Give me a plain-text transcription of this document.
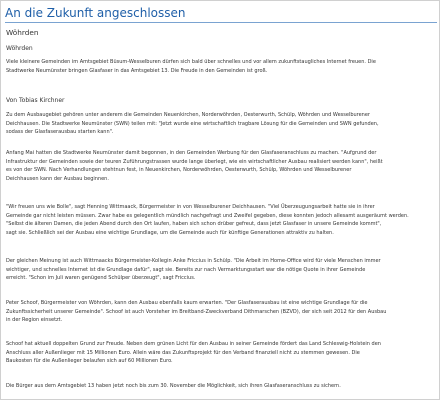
An die Zukunft angeschlossen
Wöhrden
Wöhrden
Viele kleinere Gemeinden im Amtsgebiet Büsum-Wesselburen dürfen sich bald über schnelles und vor allem zukunftstaugliches Internet freuen. Die
Stadtwerke Neumünster bringen Glasfaser in das Amtsgebiet 13. Die Freude in den Gemeinden ist groß.
Von Tobias Kirchner
Zu dem Ausbaugebiet gehören unter anderem die Gemeinden Neuenkirchen, Norderwöhrden, Oesterwurth, Schülp, Wöhrden und Wesselburener
Deichhausen. Die Stadtwerke Neumünster (SWN) teilen mit: "Jetzt wurde eine wirtschaftlich tragbare Lösung für die Gemeinden und SWN gefunden,
sodass der Glasfaserausbau starten kann".
Anfang Mai hatten die Stadtwerke Neumünster damit begonnen, in den Gemeinden Werbung für den Glasfaseranschluss zu machen. "Aufgrund der
Infrastruktur der Gemeinden sowie der teuren Zuführungstrassen wurde lange überlegt, wie ein wirtschaftlicher Ausbau realisiert werden kann", heißt
es von der SWN. Nach Verhandlungen stehtnun fest, in Neuenkirchen, Norderwöhrden, Oesterwurth, Schülp, Wöhrden und Wesselburener
Deichhausen kann der Ausbau beginnen.
"Wir freuen uns wie Bolle", sagt Henning Wittmaack, Bürgermeister in von Wesselburener Deichhausen. "Viel Überzeugungsarbeit hatte sie in ihrer
Gemeinde gar nicht leisten müssen. Zwar habe es gelegentlich mündlich nachgefragt und Zweifel gegeben, diese konnten jedoch allesamt ausgeräumt werden.
"Selbst die älteren Damen, die jeden Abend durch den Ort laufen, haben sich schon drüber gefreut, dass jetzt Glasfaser in unsere Gemeinde kommt",
sagt sie. Schließlich sei der Ausbau eine wichtige Grundlage, um die Gemeinde auch für künftige Generationen attraktiv zu halten.
Der gleichen Meinung ist auch Wittmaacks Bürgermeister-Kollegin Anke Friccius in Schülp. "Die Arbeit im Home-Office wird für viele Menschen immer
wichtiger, und schnelles Internet ist die Grundlage dafür", sagt sie. Bereits zur nach Vermarktungsstart war die nötige Quote in ihrer Gemeinde
erreicht. "Schon im Juli waren genügend Schülper überzeugt", sagt Friccius.
Peter Schoof, Bürgermeister von Wöhrden, kann den Ausbau ebenfalls kaum erwarten. "Der Glasfaserausbau ist eine wichtige Grundlage für die
Zukunftssicherheit unserer Gemeinde". Schoof ist auch Vorsteher im Breitband-Zweckverband Dithmarschen (BZVD), der sich seit 2012 für den Ausbau
in der Region einsetzt.
Schoof hat aktuell doppelten Grund zur Freude. Neben dem grünen Licht für den Ausbau in seiner Gemeinde fördert das Land Schleswig-Holstein den
Anschluss aller Außenlieger mit 15 Millionen Euro. Allein wäre das Zukunftsprojekt für den Verband finanziell nicht zu stemmen gewesen. Die
Baukosten für die Außenlieger belaufen sich auf 60 Millionen Euro.
Die Bürger aus dem Amtsgebiet 13 haben jetzt noch bis zum 30. November die Möglichkeit, sich ihren Glasfaseranschluss zu sichern.
